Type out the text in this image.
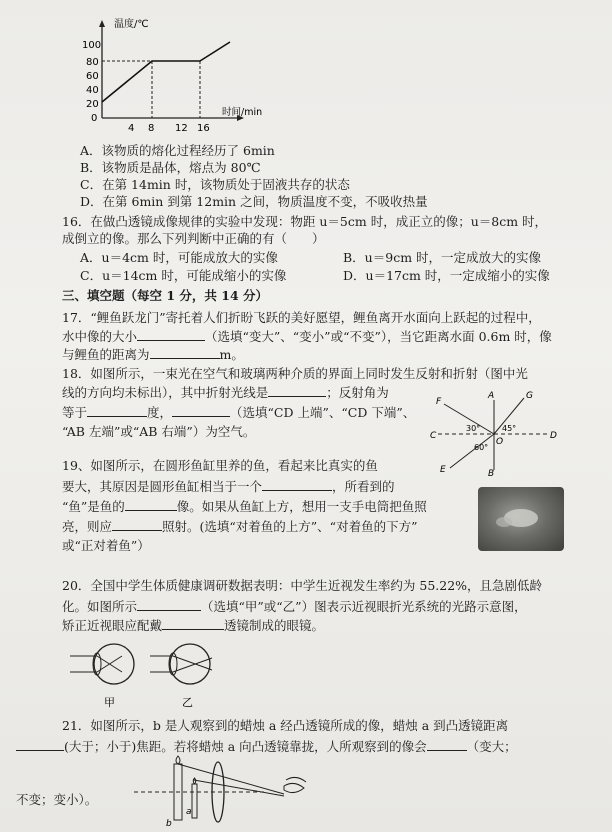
温度/℃
时间/min
100
80
60
40
20
0
4 8 12 16
A．该物质的熔化过程经历了 6min
B．该物质是晶体，熔点为 80℃
C．在第 14min 时，该物质处于固液共存的状态
D．在第 6min 到第 12min 之间，物质温度不变，不吸收热量
16．在做凸透镜成像规律的实验中发现：物距 u＝5cm 时，成正立的像；u＝8cm 时，
成倒立的像。那么下列判断中正确的有（　　）
A．u＝4cm 时，可能成放大的实像	B．u＝9cm 时，一定成放大的实像
C．u＝14cm 时，可能成缩小的实像	D．u＝17cm 时，一定成缩小的实像
三、填空题（每空 1 分，共 14 分）
17．“鲤鱼跃龙门”寄托着人们折盼飞跃的美好愿望，鲤鱼离开水面向上跃起的过程中，
水中像的大小	（选填“变大”、“变小”或“不变”），当它距离水面 0.6m 时，像
与鲤鱼的距离为	m。
18．如图所示，一束光在空气和玻璃两种介质的界面上同时发生反射和折射（图中光
线的方向均未标出），其中折射光线是	；反射角为
等于	度，	（选填“CD 上端”、“CD 下端”、
“AB 左端”或“AB 右端”）为空气。
A
B
C	D
E
F
G
O
30°	45°
60°
19、如图所示，在圆形鱼缸里养的鱼，看起来比真实的鱼
要大，其原因是圆形鱼缸相当于一个	，所看到的
“鱼”是鱼的	像。如果从鱼缸上方，想用一支手电筒把鱼照
亮，则应	照射。(选填“对着鱼的上方”、“对着鱼的下方”
或“正对着鱼”）
20．全国中学生体质健康调研数据表明：中学生近视发生率约为 55.22%，且急剧低龄
化。如图所示	（选填“甲”或“乙”）图表示近视眼折光系统的光路示意图，
矫正近视眼应配戴	透镜制成的眼镜。
甲	乙
21．如图所示，b 是人观察到的蜡烛 a 经凸透镜所成的像，蜡烛 a 到凸透镜距离
(大于；小于)焦距。若将蜡烛 a 向凸透镜靠拢，人所观察到的像会	（变大；
不变；变小）。
b
a
